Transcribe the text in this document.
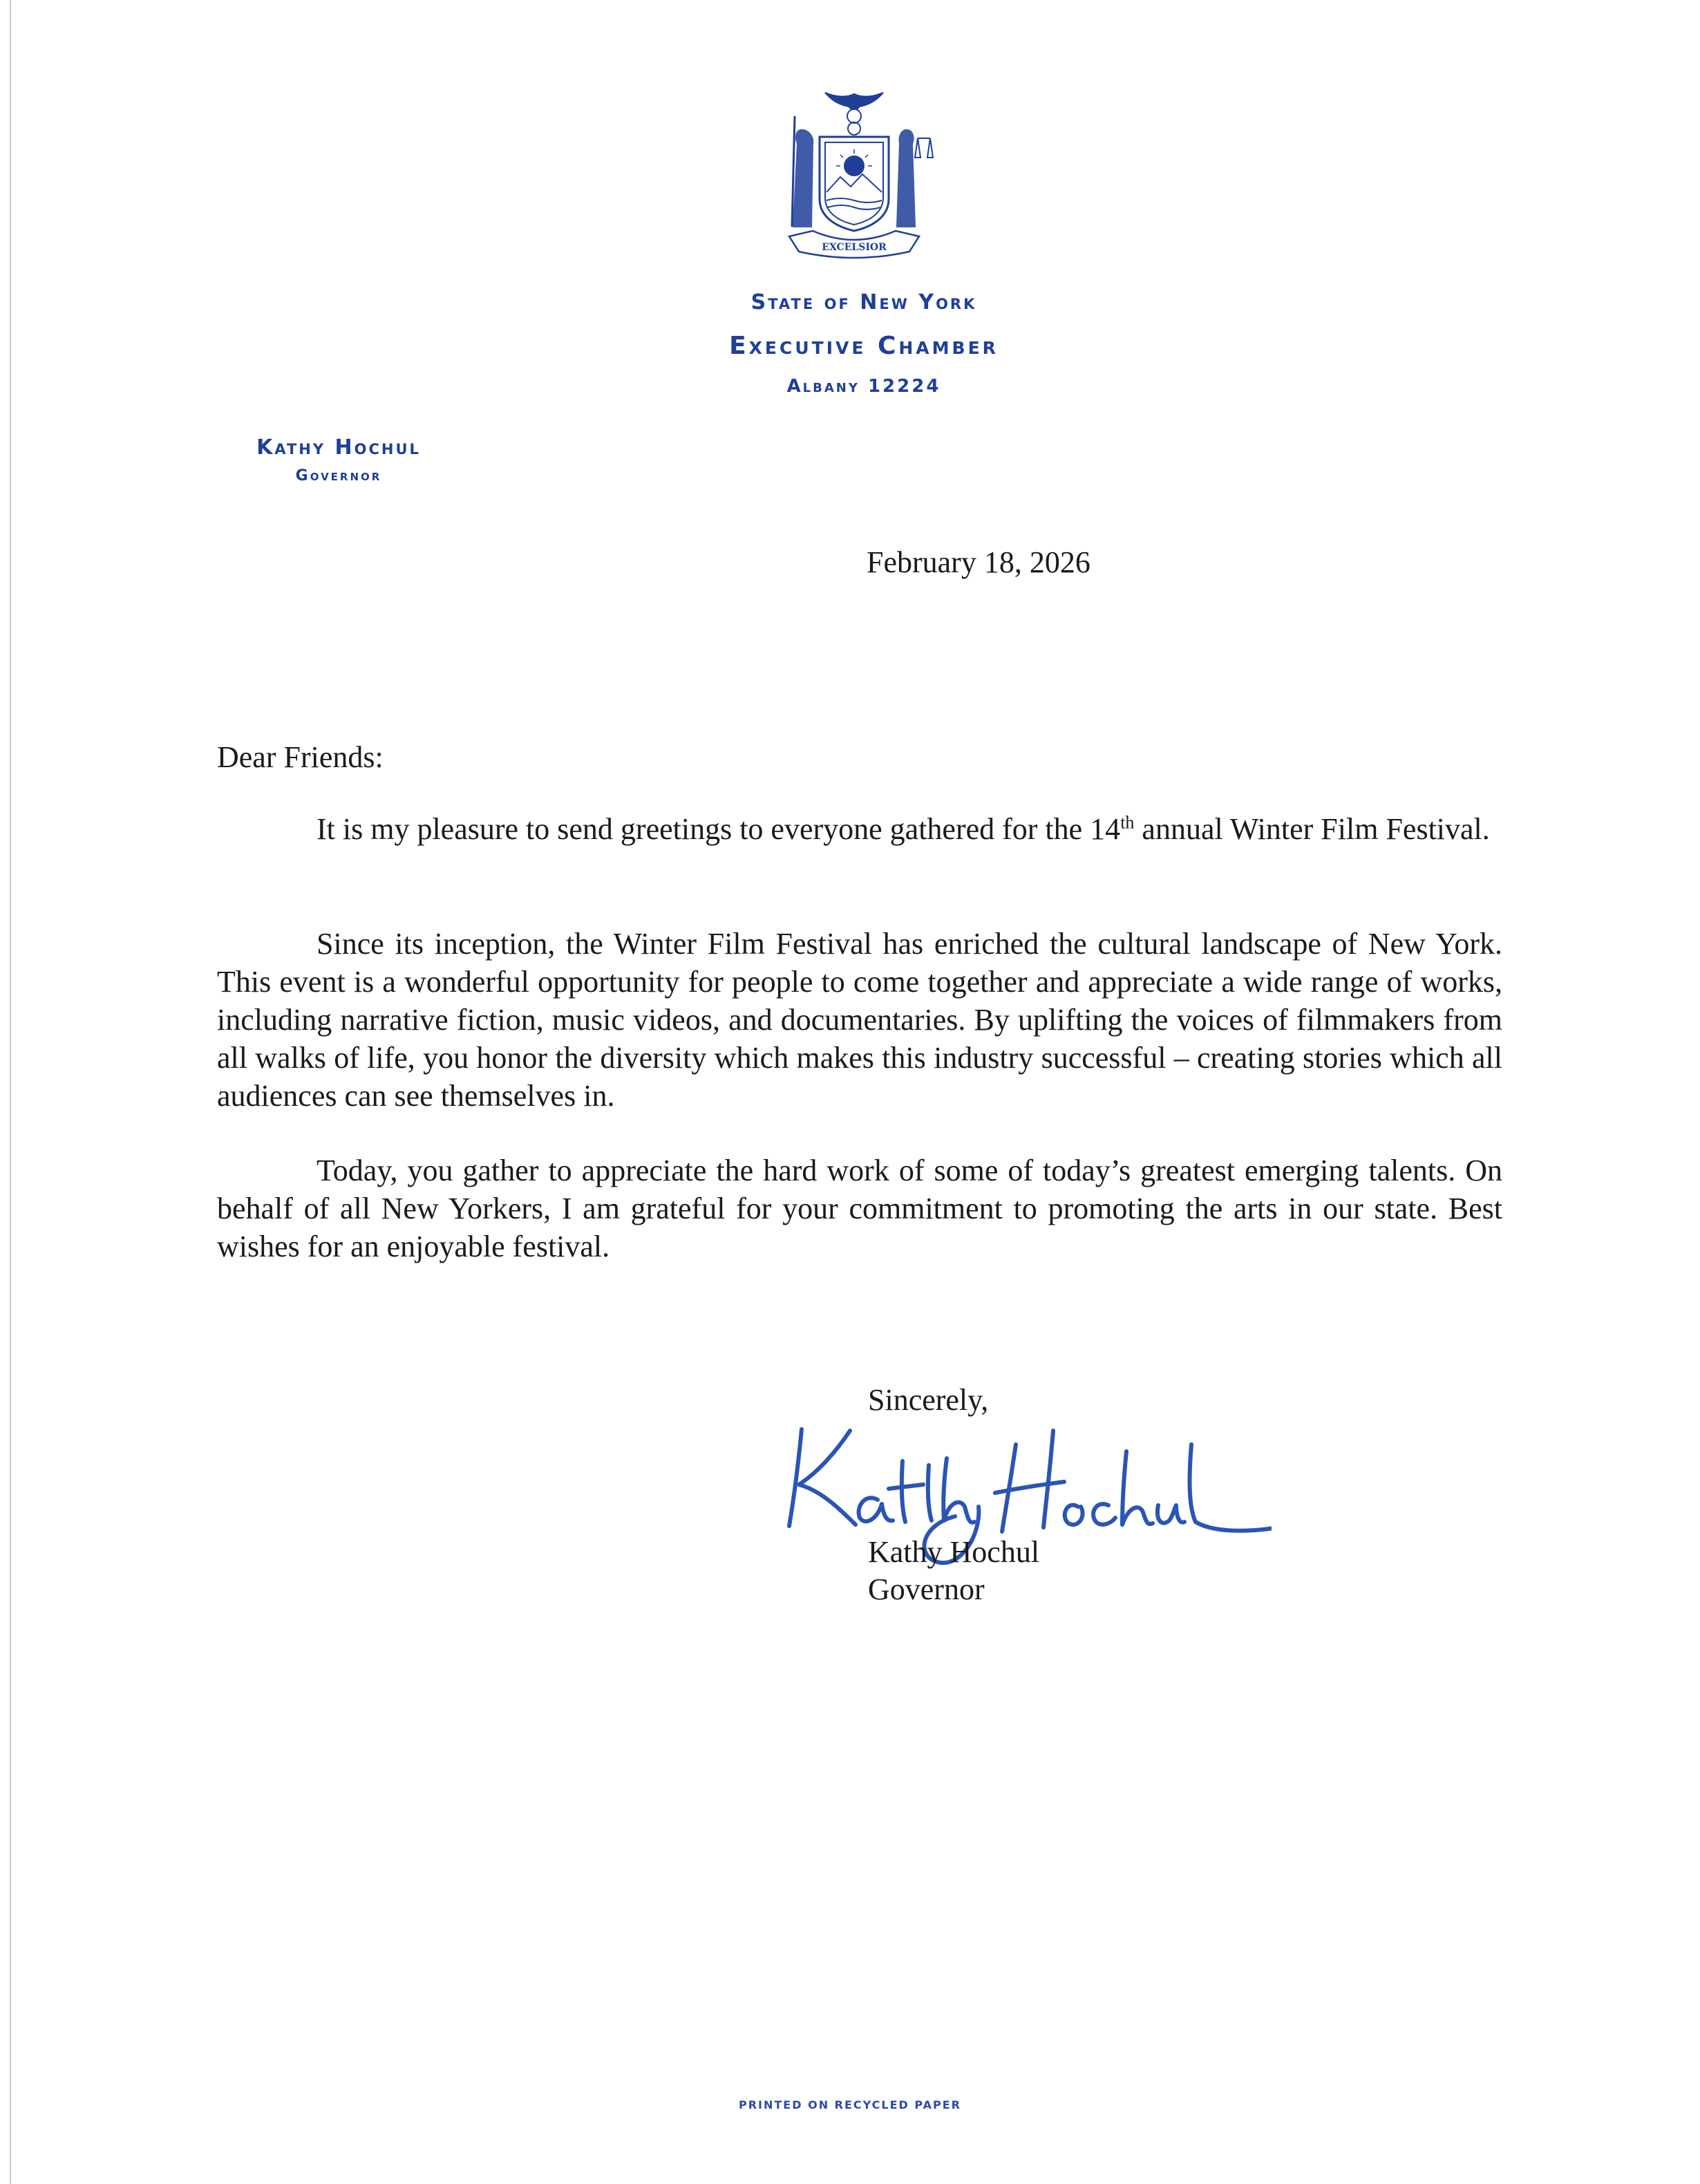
EXCELSIOR
State of New York
Executive Chamber
Albany 12224
Kathy Hochul
Governor
February 18, 2026
Dear Friends:

It is my pleasure to send greetings to everyone gathered for the 14th annual Winter Film Festival.

Since its inception, the Winter Film Festival has enriched the cultural landscape of New York. This event is a wonderful opportunity for people to come together and appreciate a wide range of works, including narrative fiction, music videos, and documentaries. By uplifting the voices of filmmakers from all walks of life, you honor the diversity which makes this industry successful – creating stories which all audiences can see themselves in.

Today, you gather to appreciate the hard work of some of today’s greatest emerging talents. On behalf of all New Yorkers, I am grateful for your commitment to promoting the arts in our state. Best wishes for an enjoyable festival.

Sincerely,
Kathy Hochul
Governor
PRINTED ON RECYCLED PAPER
